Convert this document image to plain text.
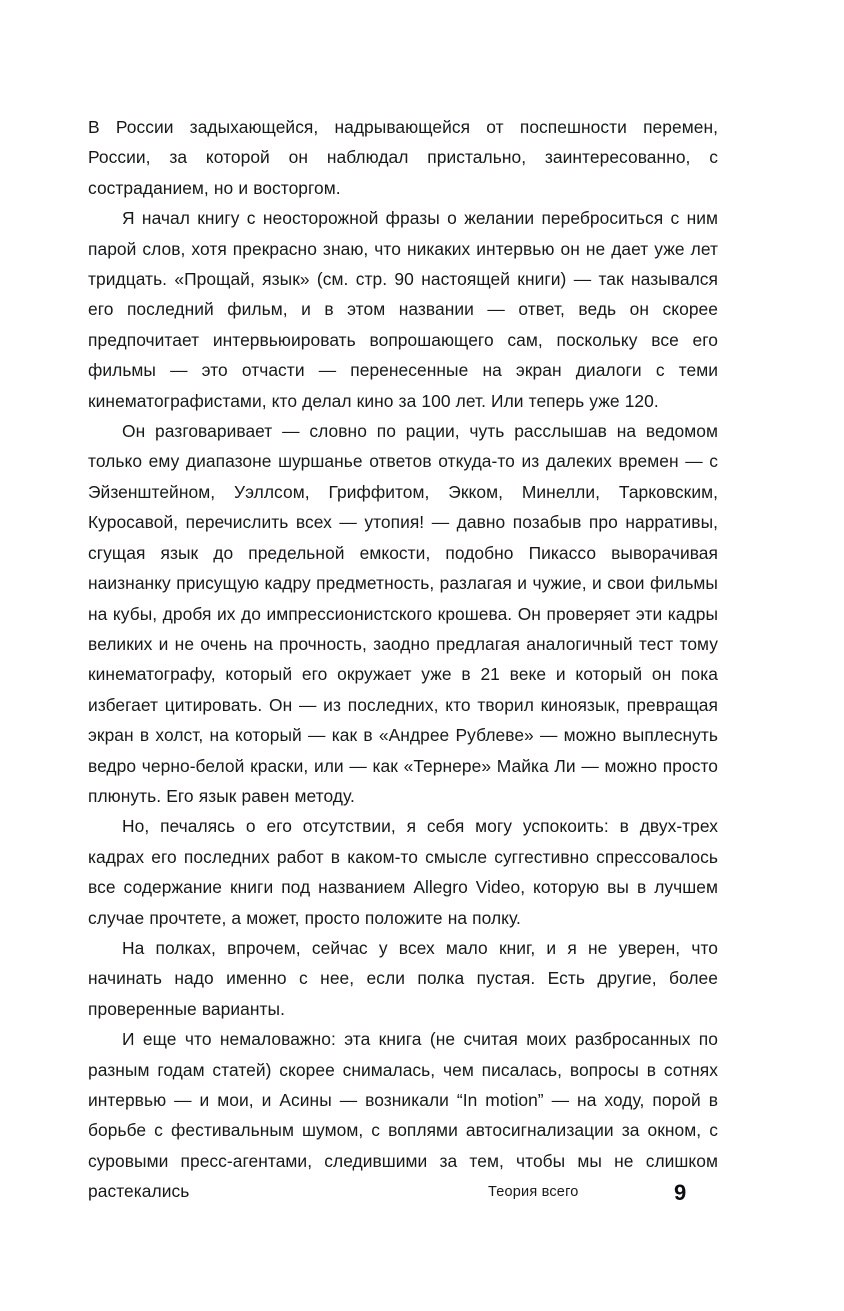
В России задыхающейся, надрывающейся от поспешности перемен, России, за которой он наблюдал пристально, заинтересованно, с состраданием, но и восторгом.

Я начал книгу с неосторожной фразы о желании переброситься с ним парой слов, хотя прекрасно знаю, что никаких интервью он не дает уже лет тридцать. «Прощай, язык» (см. стр. 90 настоящей книги) — так назывался его последний фильм, и в этом названии — ответ, ведь он скорее предпочитает интервьюировать вопрошающего сам, поскольку все его фильмы — это отчасти — перенесенные на экран диалоги с теми кинематографистами, кто делал кино за 100 лет. Или теперь уже 120.

Он разговаривает — словно по рации, чуть расслышав на ведомом только ему диапазоне шуршанье ответов откуда-то из далеких времен — с Эйзенштейном, Уэллсом, Гриффитом, Экком, Минелли, Тарковским, Куросавой, перечислить всех — утопия! — давно позабыв про нарративы, сгущая язык до предельной емкости, подобно Пикассо выворачивая наизнанку присущую кадру предметность, разлагая и чужие, и свои фильмы на кубы, дробя их до импрессионистского крошева. Он проверяет эти кадры великих и не очень на прочность, заодно предлагая аналогичный тест тому кинематографу, который его окружает уже в 21 веке и который он пока избегает цитировать. Он — из последних, кто творил киноязык, превращая экран в холст, на который — как в «Андрее Рублеве» — можно выплеснуть ведро черно-белой краски, или — как «Тернере» Майка Ли — можно просто плюнуть. Его язык равен методу.

Но, печалясь о его отсутствии, я себя могу успокоить: в двух-трех кадрах его последних работ в каком-то смысле суггестивно спрессовалось все содержание книги под названием Allegro Video, которую вы в лучшем случае прочтете, а может, просто положите на полку.

На полках, впрочем, сейчас у всех мало книг, и я не уверен, что начинать надо именно с нее, если полка пустая. Есть другие, более проверенные варианты.

И еще что немаловажно: эта книга (не считая моих разбросанных по разным годам статей) скорее снималась, чем писалась, вопросы в сотнях интервью — и мои, и Асины — возникали “In motion” — на ходу, порой в борьбе с фестивальным шумом, с воплями автосигнализации за окном, с суровыми пресс-агентами, следившими за тем, чтобы мы не слишком растекались	Теория всего	9
